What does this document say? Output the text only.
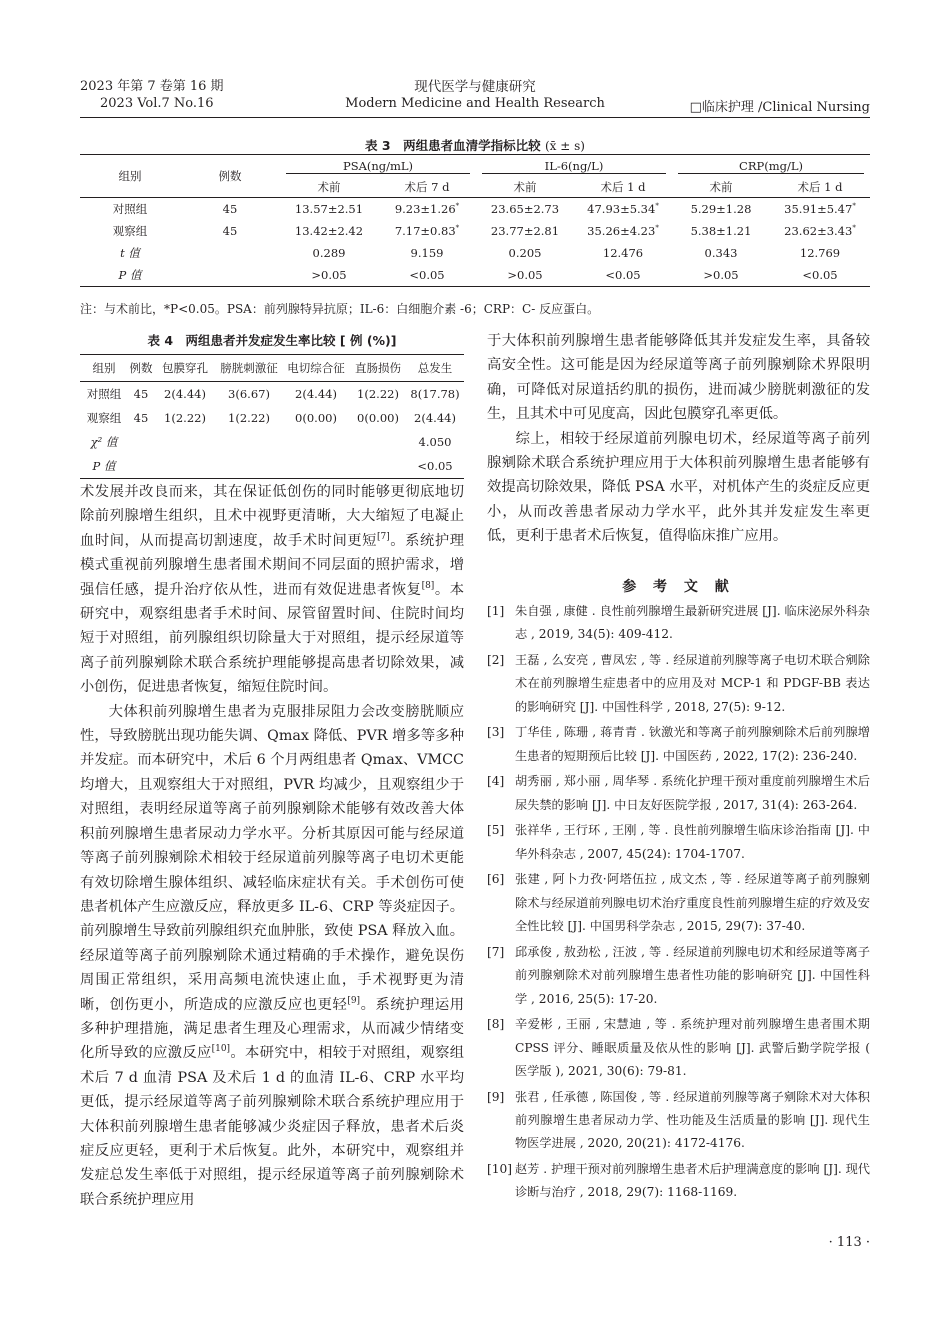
2023 年第 7 卷第 16 期
2023 Vol.7 No.16
现代医学与健康研究
Modern Medicine and Health Research	□临床护理 /Clinical Nursing
表 3　两组患者血清学指标比较 (x̄ ± s)
组别	例数	PSA(ng/mL)		IL-6(ng/L)		CRP(mg/L)	

		术前	术后 7 d	术前	术后 1 d	术前	术后 1 d
对照组	45	13.57±2.51	9.23±1.26*	23.65±2.73	47.93±5.34*	5.29±1.28	35.91±5.47*
观察组	45	13.42±2.42	7.17±0.83*	23.77±2.81	35.26±4.23*	5.38±1.21	23.62±3.43*
t 值		0.289	9.159	0.205	12.476	0.343	12.769
P 值		>0.05	<0.05	>0.05	<0.05	>0.05	<0.05
注：与术前比，*P<0.05。PSA：前列腺特异抗原；IL-6：白细胞介素 -6；CRP：C- 反应蛋白。
表 4　两组患者并发症发生率比较 [ 例 (%)]
组别	例数	包膜穿孔	膀胱刺激征	电切综合征	直肠损伤	总发生
对照组	45	2(4.44)	3(6.67)	2(4.44)	1(2.22)	8(17.78)
观察组	45	1(2.22)	1(2.22)	0(0.00)	0(0.00)	2(4.44)
χ² 值						4.050
P 值						<0.05

术发展并改良而来，其在保证低创伤的同时能够更彻底地切除前列腺增生组织，且术中视野更清晰，大大缩短了电凝止血时间，从而提高切割速度，故手术时间更短[7]。系统护理模式重视前列腺增生患者围术期间不同层面的照护需求，增强信任感，提升治疗依从性，进而有效促进患者恢复[8]。本研究中，观察组患者手术时间、尿管留置时间、住院时间均短于对照组，前列腺组织切除量大于对照组，提示经尿道等离子前列腺剜除术联合系统护理能够提高患者切除效果，减小创伤，促进患者恢复，缩短住院时间。

大体积前列腺增生患者为克服排尿阻力会改变膀胱顺应性，导致膀胱出现功能失调、Qmax 降低、PVR 增多等多种并发症。而本研究中，术后 6 个月两组患者 Qmax、VMCC 均增大，且观察组大于对照组，PVR 均减少，且观察组少于对照组，表明经尿道等离子前列腺剜除术能够有效改善大体积前列腺增生患者尿动力学水平。分析其原因可能与经尿道等离子前列腺剜除术相较于经尿道前列腺等离子电切术更能有效切除增生腺体组织、减轻临床症状有关。手术创伤可使患者机体产生应激反应，释放更多 IL-6、CRP 等炎症因子。前列腺增生导致前列腺组织充血肿胀，致使 PSA 释放入血。经尿道等离子前列腺剜除术通过精确的手术操作，避免误伤周围正常组织，采用高频电流快速止血，手术视野更为清晰，创伤更小，所造成的应激反应也更轻[9]。系统护理运用多种护理措施，满足患者生理及心理需求，从而减少情绪变化所导致的应激反应[10]。本研究中，相较于对照组，观察组术后 7 d 血清 PSA 及术后 1 d 的血清 IL-6、CRP 水平均更低，提示经尿道等离子前列腺剜除术联合系统护理应用于大体积前列腺增生患者能够减少炎症因子释放，患者术后炎症反应更轻，更利于术后恢复。此外，本研究中，观察组并发症总发生率低于对照组，提示经尿道等离子前列腺剜除术联合系统护理应用

于大体积前列腺增生患者能够降低其并发症发生率，具备较高安全性。这可能是因为经尿道等离子前列腺剜除术界限明确，可降低对尿道括约肌的损伤，进而减少膀胱刺激征的发生，且其术中可见度高，因此包膜穿孔率更低。

综上，相较于经尿道前列腺电切术，经尿道等离子前列腺剜除术联合系统护理应用于大体积前列腺增生患者能够有效提高切除效果，降低 PSA 水平，对机体产生的炎症反应更小，从而改善患者尿动力学水平，此外其并发症发生率更低，更利于患者术后恢复，值得临床推广应用。

参 考 文 献
[1] 朱自强 , 康健 . 良性前列腺增生最新研究进展 [J]. 临床泌尿外科杂志 , 2019, 34(5): 409-412.
[2] 王磊 , 么安亮 , 曹凤宏 , 等 . 经尿道前列腺等离子电切术联合剜除术在前列腺增生症患者中的应用及对 MCP-1 和 PDGF-BB 表达的影响研究 [J]. 中国性科学 , 2018, 27(5): 9-12.
[3] 丁华佳 , 陈珊 , 蒋青青 . 钬激光和等离子前列腺剜除术后前列腺增生患者的短期预后比较 [J]. 中国医药 , 2022, 17(2): 236-240.
[4] 胡秀丽 , 郑小丽 , 周华琴 . 系统化护理干预对重度前列腺增生术后尿失禁的影响 [J]. 中日友好医院学报 , 2017, 31(4): 263-264.
[5] 张祥华 , 王行环 , 王刚 , 等 . 良性前列腺增生临床诊治指南 [J]. 中华外科杂志 , 2007, 45(24): 1704-1707.
[6] 张建 , 阿卜力孜·阿塔伍拉 , 成文杰 , 等 . 经尿道等离子前列腺剜除术与经尿道前列腺电切术治疗重度良性前列腺增生症的疗效及安全性比较 [J]. 中国男科学杂志 , 2015, 29(7): 37-40.
[7] 邱承俊 , 敖劲松 , 汪波 , 等 . 经尿道前列腺电切术和经尿道等离子前列腺剜除术对前列腺增生患者性功能的影响研究 [J]. 中国性科学 , 2016, 25(5): 17-20.
[8] 辛爱彬 , 王丽 , 宋慧迪 , 等 . 系统护理对前列腺增生患者围术期 CPSS 评分、睡眠质量及依从性的影响 [J]. 武警后勤学院学报 ( 医学版 ), 2021, 30(6): 79-81.
[9] 张君 , 任承德 , 陈国俊 , 等 . 经尿道前列腺等离子剜除术对大体积前列腺增生患者尿动力学、性功能及生活质量的影响 [J]. 现代生物医学进展 , 2020, 20(21): 4172-4176.
[10] 赵芳 . 护理干预对前列腺增生患者术后护理满意度的影响 [J]. 现代诊断与治疗 , 2018, 29(7): 1168-1169.
· 113 ·
